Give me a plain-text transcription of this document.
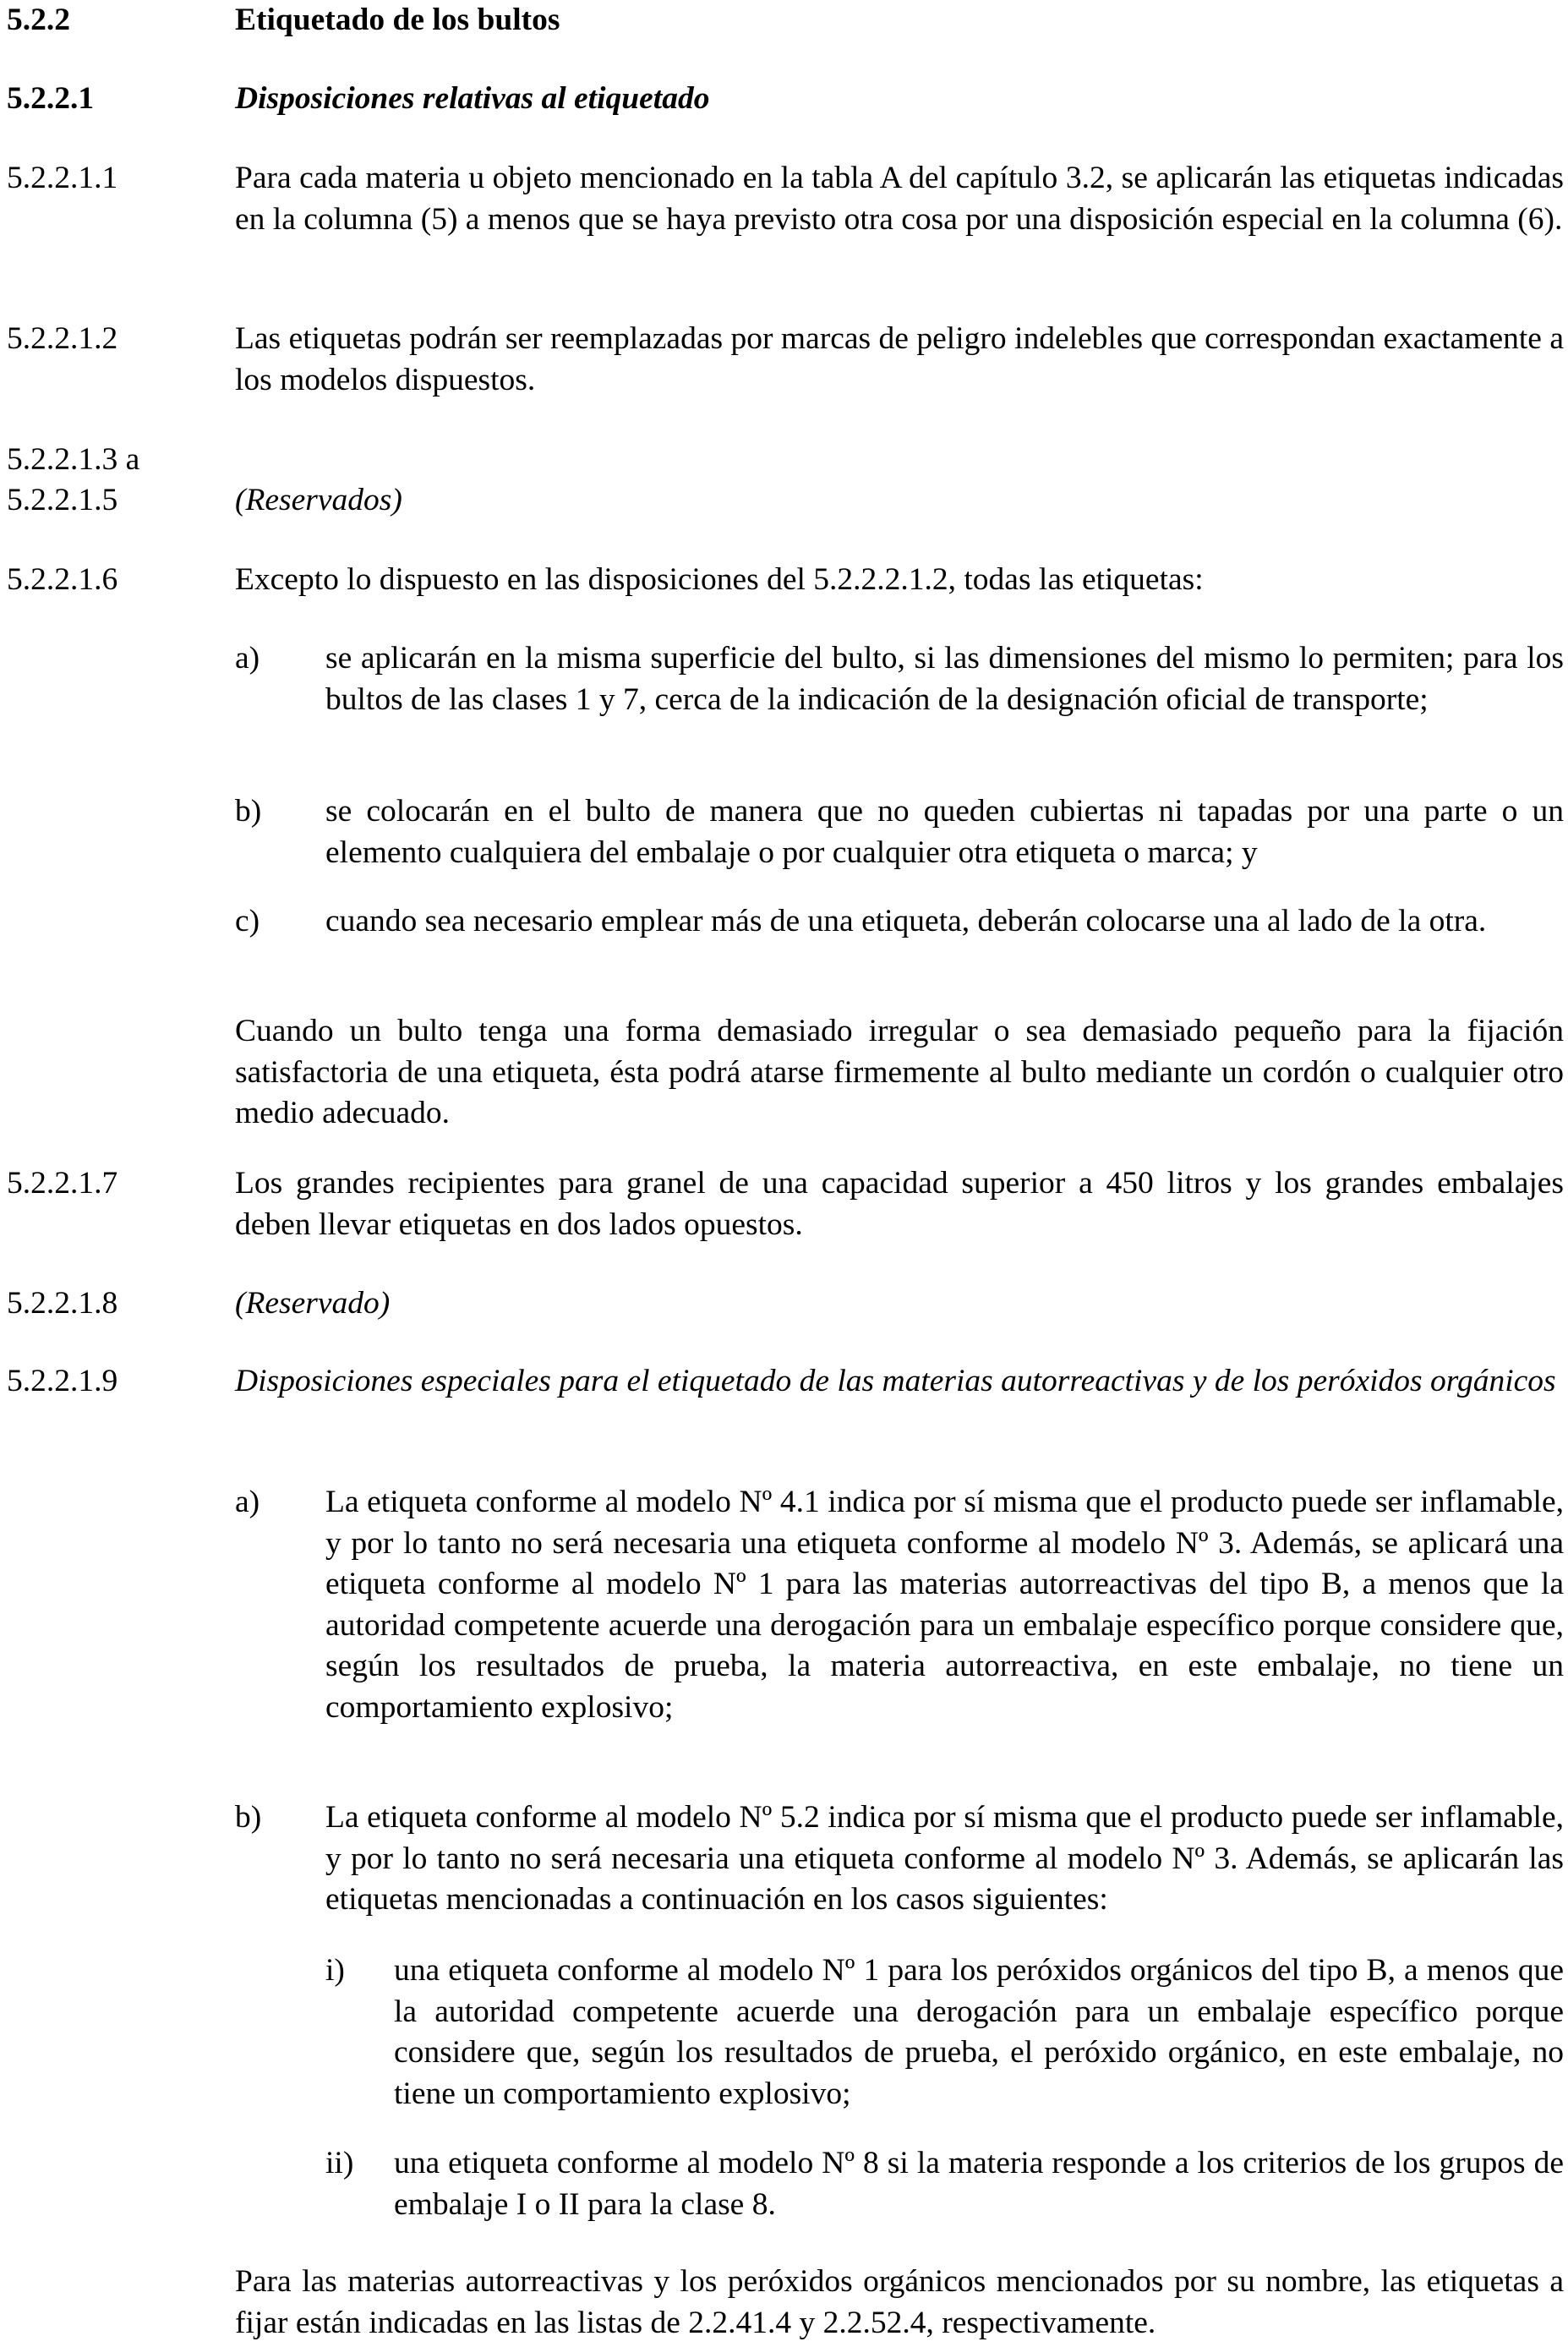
5.2.2	Etiquetado de los bultos
5.2.2.1	Disposiciones relativas al etiquetado
5.2.2.1.1	Para cada materia u objeto mencionado en la tabla A del capítulo 3.2, se aplicarán las etiquetas indicadas en la columna (5) a menos que se haya previsto otra cosa por una disposición especial en la columna (6).
5.2.2.1.2	Las etiquetas podrán ser reemplazadas por marcas de peligro indelebles que correspondan exactamente a los modelos dispuestos.
5.2.2.1.3 a
5.2.2.1.5	(Reservados)
5.2.2.1.6	Excepto lo dispuesto en las disposiciones del 5.2.2.2.1.2, todas las etiquetas:
a)	se aplicarán en la misma superficie del bulto, si las dimensiones del mismo lo permiten; para los bultos de las clases 1 y 7, cerca de la indicación de la designación oficial de transporte;
b)	se colocarán en el bulto de manera que no queden cubiertas ni tapadas por una parte o un elemento cualquiera del embalaje o por cualquier otra etiqueta o marca; y
c)	cuando sea necesario emplear más de una etiqueta, deberán colocarse una al lado de la otra.
Cuando un bulto tenga una forma demasiado irregular o sea demasiado pequeño para la fijación satisfactoria de una etiqueta, ésta podrá atarse firmemente al bulto mediante un cordón o cualquier otro medio adecuado.
5.2.2.1.7	Los grandes recipientes para granel de una capacidad superior a 450 litros y los grandes embalajes deben llevar etiquetas en dos lados opuestos.
5.2.2.1.8	(Reservado)
5.2.2.1.9	Disposiciones especiales para el etiquetado de las materias autorreactivas y de los peróxidos orgánicos
a)	La etiqueta conforme al modelo Nº 4.1 indica por sí misma que el producto puede ser inflamable, y por lo tanto no será necesaria una etiqueta conforme al modelo Nº 3. Además, se aplicará una etiqueta conforme al modelo Nº 1 para las materias autorreactivas del tipo B, a menos que la autoridad competente acuerde una derogación para un embalaje específico porque considere que, según los resultados de prueba, la materia autorreactiva, en este embalaje, no tiene un comportamiento explosivo;
b)	La etiqueta conforme al modelo Nº 5.2 indica por sí misma que el producto puede ser inflamable, y por lo tanto no será necesaria una etiqueta conforme al modelo Nº 3. Además, se aplicarán las etiquetas mencionadas a continuación en los casos siguientes:
i)	una etiqueta conforme al modelo Nº 1 para los peróxidos orgánicos del tipo B, a menos que la autoridad competente acuerde una derogación para un embalaje específico porque considere que, según los resultados de prueba, el peróxido orgánico, en este embalaje, no tiene un comportamiento explosivo;
ii)	una etiqueta conforme al modelo Nº 8 si la materia responde a los criterios de los grupos de embalaje I o II para la clase 8.
Para las materias autorreactivas y los peróxidos orgánicos mencionados por su nombre, las etiquetas a fijar están indicadas en las listas de 2.2.41.4 y 2.2.52.4, respectivamente.
